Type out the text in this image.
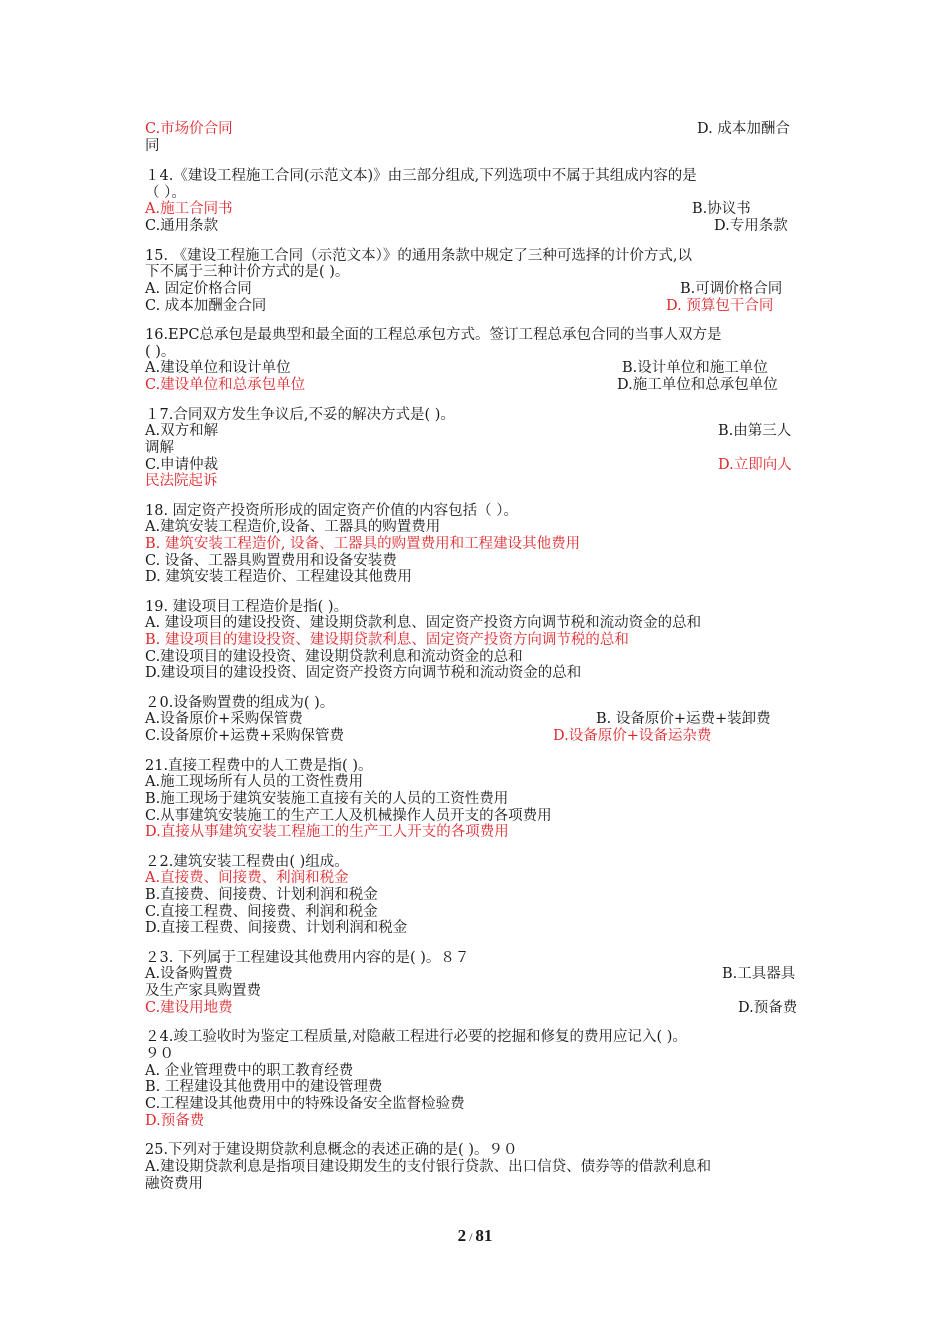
C.市场价合同	D. 成本加酬合
同
１4.《建设工程施工合同(示范文本)》由三部分组成,下列选项中不属于其组成内容的是
（ ）。
A.施工合同书	B.协议书
C.通用条款	D.专用条款
15. 《建设工程施工合同（示范文本）》的通用条款中规定了三种可选择的计价方式,以
下不属于三种计价方式的是( )。
A. 固定价格合同	B.可调价格合同
C. 成本加酬金合同	D. 预算包干合同
16.EPC总承包是最典型和最全面的工程总承包方式。签订工程总承包合同的当事人双方是
( )。
A.建设单位和设计单位	B.设计单位和施工单位
C.建设单位和总承包单位	D.施工单位和总承包单位
１7.合同双方发生争议后,不妥的解决方式是( )。
A.双方和解	B.由第三人
调解
C.申请仲裁	D.立即向人
民法院起诉
18. 固定资产投资所形成的固定资产价值的内容包括（ ）。
A.建筑安装工程造价,设备、工器具的购置费用
B. 建筑安装工程造价, 设备、工器具的购置费用和工程建设其他费用
C. 设备、工器具购置费用和设备安装费
D. 建筑安装工程造价、工程建设其他费用
19. 建设项目工程造价是指( )。
A. 建设项目的建设投资、建设期贷款利息、固定资产投资方向调节税和流动资金的总和
B. 建设项目的建设投资、建设期贷款利息、固定资产投资方向调节税的总和
C.建设项目的建设投资、建设期贷款利息和流动资金的总和
D.建设项目的建设投资、固定资产投资方向调节税和流动资金的总和
２0.设备购置费的组成为( )。
A.设备原价+采购保管费	B. 设备原价+运费+装卸费
C.设备原价+运费+采购保管费	D.设备原价+设备运杂费
21.直接工程费中的人工费是指( )。
A.施工现场所有人员的工资性费用
B.施工现场于建筑安装施工直接有关的人员的工资性费用
C.从事建筑安装施工的生产工人及机械操作人员开支的各项费用
D.直接从事建筑安装工程施工的生产工人开支的各项费用
２2.建筑安装工程费由( )组成。
A.直接费、间接费、利润和税金
B.直接费、间接费、计划利润和税金
C.直接工程费、间接费、利润和税金
D.直接工程费、间接费、计划利润和税金
２3. 下列属于工程建设其他费用内容的是( )。８７
A.设备购置费	B.工具器具
及生产家具购置费
C.建设用地费	D.预备费
２4.竣工验收时为鉴定工程质量,对隐蔽工程进行必要的挖掘和修复的费用应记入( )。
９０
A. 企业管理费中的职工教育经费
B. 工程建设其他费用中的建设管理费
C.工程建设其他费用中的特殊设备安全监督检验费
D.预备费
25.下列对于建设期贷款利息概念的表述正确的是( )。９０
A.建设期贷款利息是指项目建设期发生的支付银行贷款、出口信贷、债券等的借款利息和
融资费用
2 / 81
